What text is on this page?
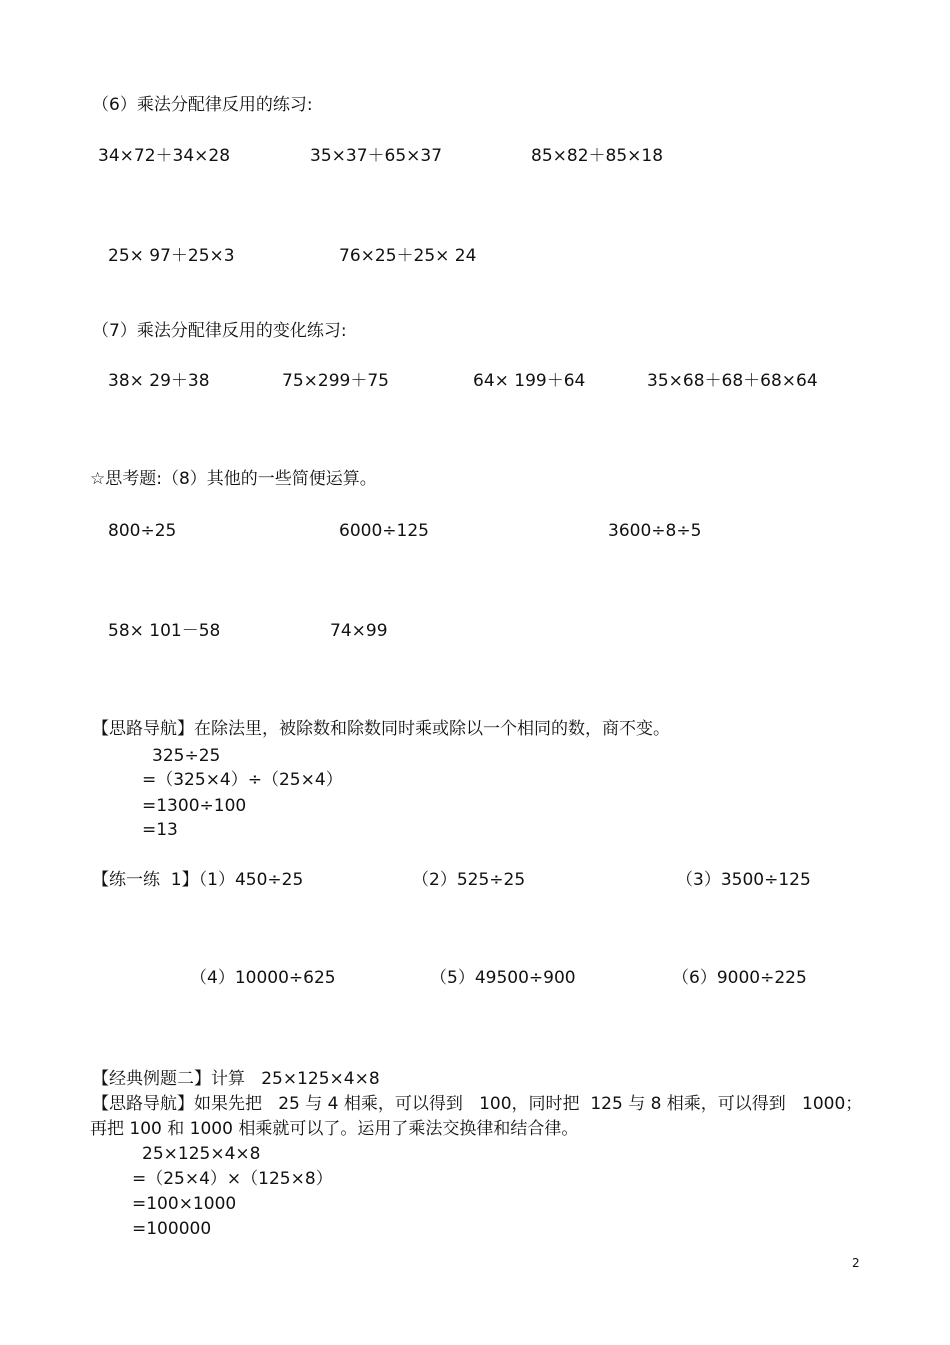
（6）乘法分配律反用的练习:
34×72＋34×28	35×37＋65×37	85×82＋85×18
25× 97＋25×3	76×25＋25× 24
（7）乘法分配律反用的变化练习:
38× 29＋38	75×299＋75	64× 199＋64	35×68＋68＋68×64
☆思考题:（8）其他的一些简便运算。
800÷25	6000÷125	3600÷8÷5
58× 101－58	74×99
【思路导航】在除法里，被除数和除数同时乘或除以一个相同的数，商不变。
325÷25
=（325×4）÷（25×4）
=1300÷100
=13
【练一练  1】（1）450÷25	（2）525÷25	（3）3500÷125
（4）10000÷625	（5）49500÷900	（6）9000÷225
【经典例题二】计算   25×125×4×8
【思路导航】如果先把   25 与 4 相乘，可以得到   100，同时把  125 与 8 相乘，可以得到   1000；
再把 100 和 1000 相乘就可以了。运用了乘法交换律和结合律。
25×125×4×8
=（25×4）×（125×8）
=100×1000
=100000
2
